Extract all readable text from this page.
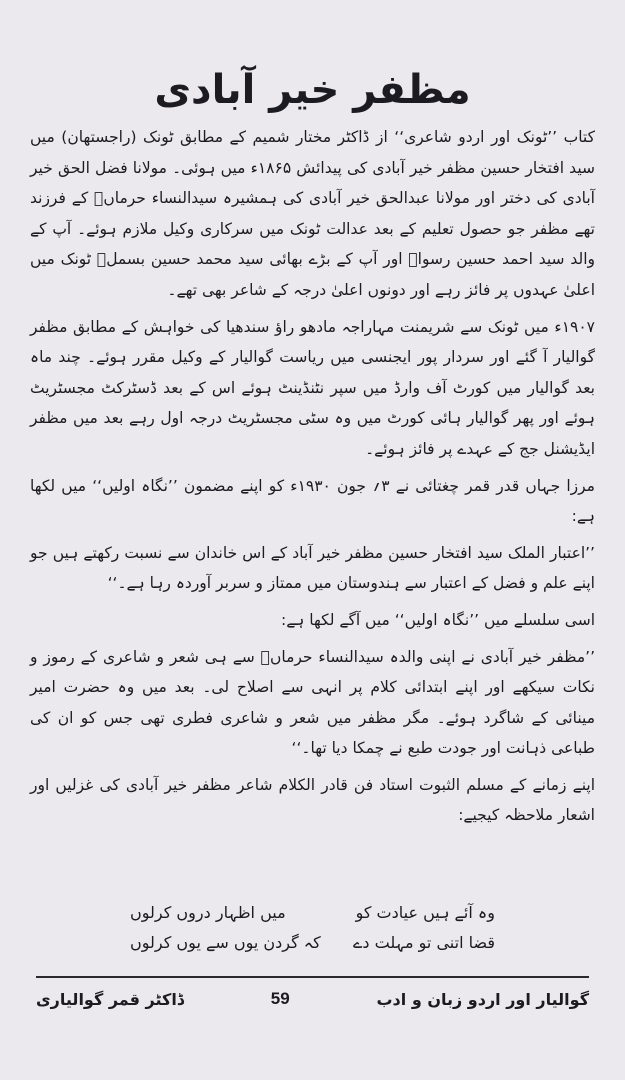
مظفر خیر آبادی

کتاب ’’ٹونک اور اردو شاعری‘‘ از ڈاکٹر مختار شمیم کے مطابق ٹونک (راجستھان) میں سید افتخار حسین مظفر خیر آبادی کی پیدائش ۱۸۶۵ء میں ہوئی۔ مولانا فضل الحق خیر آبادی کی دختر اور مولانا عبدالحق خیر آبادی کی ہمشیرہ سیدالنساء حرماںؔ کے فرزند تھے مظفر جو حصول تعلیم کے بعد عدالت ٹونک میں سرکاری وکیل ملازم ہوئے۔ آپ کے والد سید احمد حسین رسواؔ اور آپ کے بڑے بھائی سید محمد حسین بسملؔ ٹونک میں اعلیٰ عہدوں پر فائز رہے اور دونوں اعلیٰ درجہ کے شاعر بھی تھے۔

۱۹۰۷ء میں ٹونک سے شریمنت مہاراجہ مادھو راؤ سندھیا کی خواہش کے مطابق مظفر گوالیار آ گئے اور سردار پور ایجنسی میں ریاست گوالیار کے وکیل مقرر ہوئے۔ چند ماہ بعد گوالیار میں کورٹ آف وارڈ میں سپر نٹنڈینٹ ہوئے اس کے بعد ڈسٹرکٹ مجسٹریٹ ہوئے اور پھر گوالیار ہائی کورٹ میں وہ سٹی مجسٹریٹ درجہ اول رہے بعد میں مظفر ایڈیشنل جج کے عہدے پر فائز ہوئے۔

مرزا جہاں قدر قمر چغتائی نے ۳؍ جون ۱۹۳۰ء کو اپنے مضمون ’’نگاہ اولیں‘‘ میں لکھا ہے:

’’اعتبار الملک سید افتخار حسین مظفر خیر آباد کے اس خاندان سے نسبت رکھتے ہیں جو اپنے علم و فضل کے اعتبار سے ہندوستان میں ممتاز و سربر آوردہ رہا ہے۔‘‘

اسی سلسلے میں ’’نگاہ اولیں‘‘ میں آگے لکھا ہے:

’’مظفر خیر آبادی نے اپنی والدہ سیدالنساء حرماںؔ سے ہی شعر و شاعری کے رموز و نکات سیکھے اور اپنے ابتدائی کلام پر انہی سے اصلاح لی۔ بعد میں وہ حضرت امیر مینائی کے شاگرد ہوئے۔ مگر مظفر میں شعر و شاعری فطری تھی جس کو ان کی طباعی ذہانت اور جودت طبع نے چمکا دیا تھا۔‘‘

اپنے زمانے کے مسلم الثبوت استاد فن قادر الکلام شاعر مظفر خیر آبادی کی غزلیں اور اشعار ملاحظہ کیجیے:

وہ آئے ہیں عیادت کو
میں اظہار دروں کرلوں
قضا اتنی تو مہلت دے
کہ گردن یوں سے یوں کرلوں
گوالیار اور اردو زبان و ادب
59
ڈاکٹر قمر گوالیاری
